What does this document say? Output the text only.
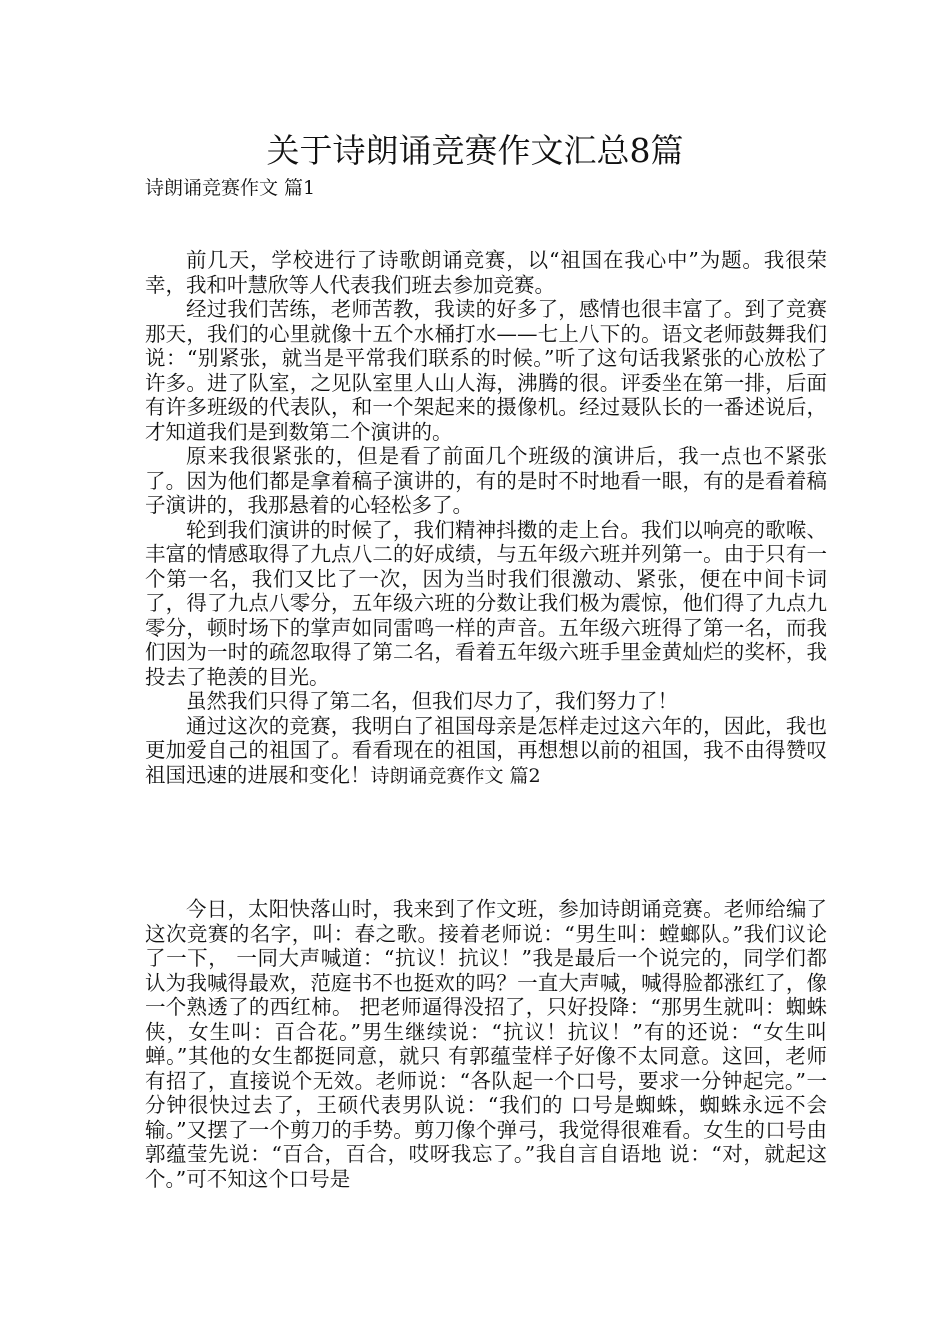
关于诗朗诵竞赛作文汇总8篇
诗朗诵竞赛作文 篇1

前几天，学校进行了诗歌朗诵竞赛，以“祖国在我心中”为题。我很荣幸，我和叶慧欣等人代表我们班去参加竞赛。

经过我们苦练，老师苦教，我读的好多了，感情也很丰富了。到了竞赛那天，我们的心里就像十五个水桶打水——七上八下的。语文老师鼓舞我们说：“别紧张，就当是平常我们联系的时候。”听了这句话我紧张的心放松了许多。进了队室，之见队室里人山人海，沸腾的很。评委坐在第一排，后面有许多班级的代表队，和一个架起来的摄像机。经过聂队长的一番述说后，才知道我们是到数第二个演讲的。

原来我很紧张的，但是看了前面几个班级的演讲后，我一点也不紧张了。因为他们都是拿着稿子演讲的，有的是时不时地看一眼，有的是看着稿子演讲的，我那悬着的心轻松多了。

轮到我们演讲的时候了，我们精神抖擞的走上台。我们以响亮的歌喉、丰富的情感取得了九点八二的好成绩，与五年级六班并列第一。由于只有一个第一名，我们又比了一次，因为当时我们很激动、紧张，便在中间卡词了，得了九点八零分，五年级六班的分数让我们极为震惊，他们得了九点九零分，顿时场下的掌声如同雷鸣一样的声音。五年级六班得了第一名，而我们因为一时的疏忽取得了第二名，看着五年级六班手里金黄灿烂的奖杯，我投去了艳羡的目光。

虽然我们只得了第二名，但我们尽力了，我们努力了！

通过这次的竞赛，我明白了祖国母亲是怎样走过这六年的，因此，我也更加爱自己的祖国了。看看现在的祖国，再想想以前的祖国，我不由得赞叹祖国迅速的进展和变化！诗朗诵竞赛作文 篇2

今日，太阳快落山时，我来到了作文班，参加诗朗诵竞赛。老师给编了这次竞赛的名字，叫：春之歌。接着老师说：“男生叫：螳螂队。”我们议论了一下， 一同大声喊道：“抗议！抗议！”我是最后一个说完的，同学们都认为我喊得最欢，范庭书不也挺欢的吗？一直大声喊，喊得脸都涨红了，像一个熟透了的西红柿。 把老师逼得没招了，只好投降：“那男生就叫：蜘蛛侠，女生叫：百合花。”男生继续说：“抗议！抗议！”有的还说：“女生叫蝉。”其他的女生都挺同意，就只 有郭蕴莹样子好像不太同意。这回，老师有招了，直接说个无效。老师说：“各队起一个口号，要求一分钟起完。”一分钟很快过去了，王硕代表男队说：“我们的 口号是蜘蛛，蜘蛛永远不会输。”又摆了一个剪刀的手势。剪刀像个弹弓，我觉得很难看。女生的口号由郭蕴莹先说：“百合，百合，哎呀我忘了。”我自言自语地 说：“对，就起这个。”可不知这个口号是
